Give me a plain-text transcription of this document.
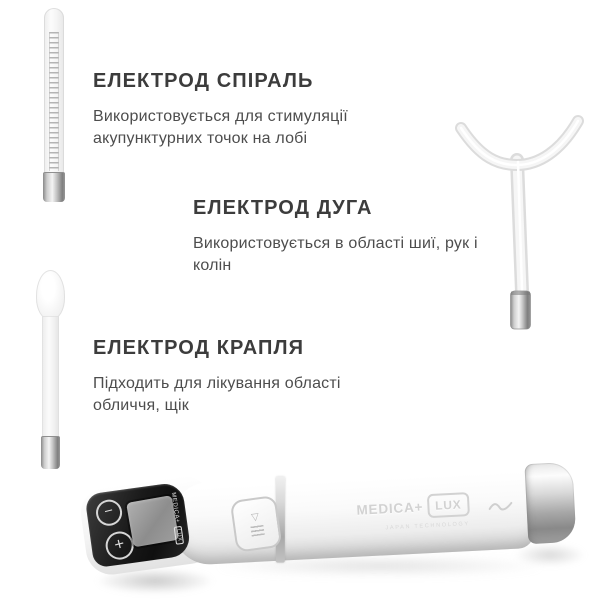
ЕЛЕКТРОД СПІРАЛЬ
Використовується для стимуляції
акупунктурних точок на лобі
ЕЛЕКТРОД ДУГА
Використовується в області шиї, рук і
колін
ЕЛЕКТРОД КРАПЛЯ
Підходить для лікування області
обличчя, щік
−
+
MEDICA+
LUX
▽	MEDICA+ LUX
JAPAN TECHNOLOGY
